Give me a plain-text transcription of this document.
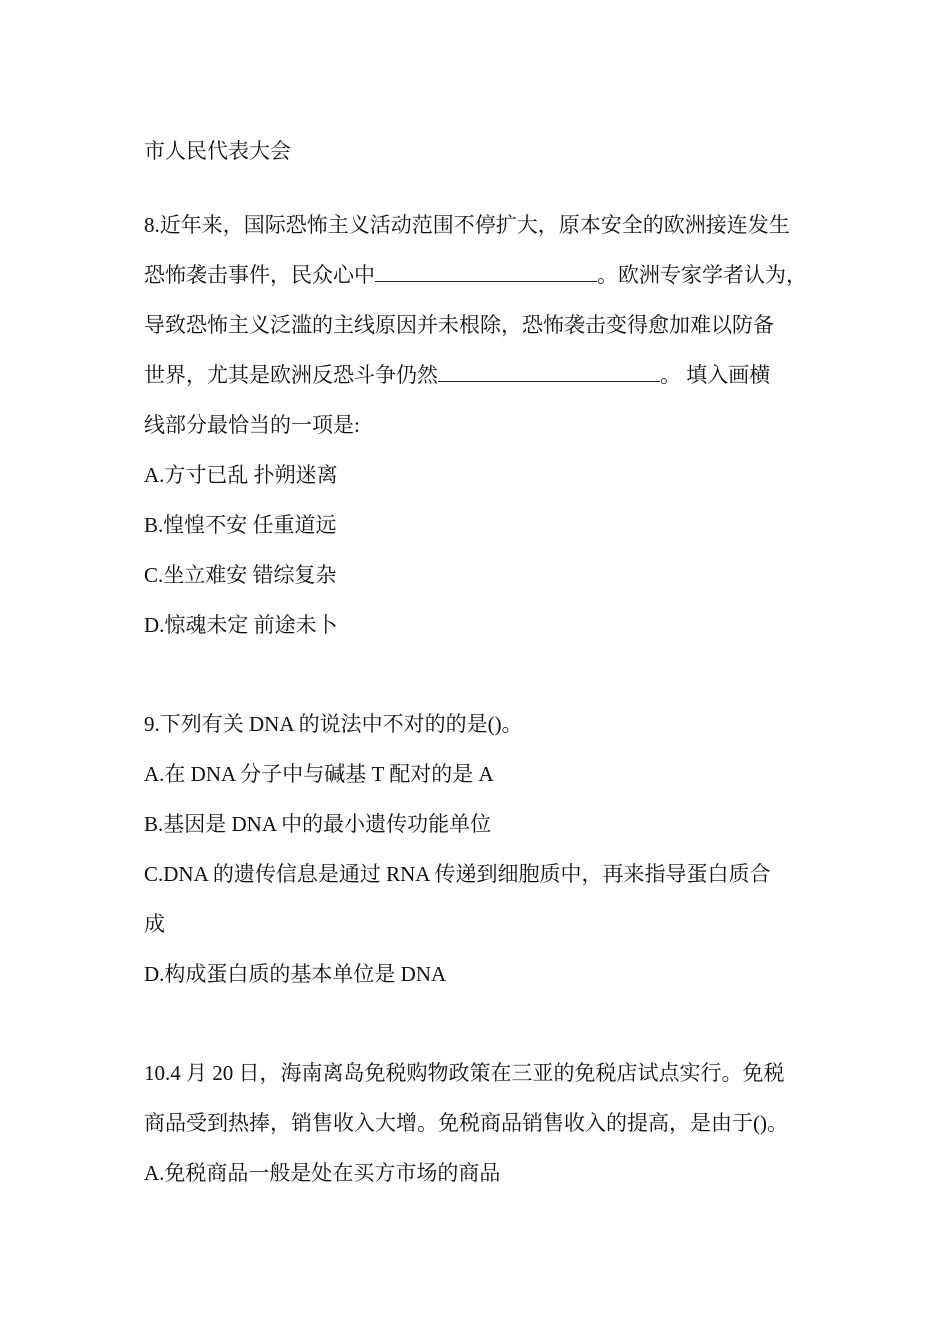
市人民代表大会
8.近年来，国际恐怖主义活动范围不停扩大，原本安全的欧洲接连发生
恐怖袭击事件，民众心中	。欧洲专家学者认为，
导致恐怖主义泛滥的主线原因并未根除，恐怖袭击变得愈加难以防备
世界，尤其是欧洲反恐斗争仍然	。 填入画横
线部分最恰当的一项是:
A.方寸已乱 扑朔迷离
B.惶惶不安 任重道远
C.坐立难安 错综复杂
D.惊魂未定 前途未卜
9.下列有关 DNA 的说法中不对的的是()。
A.在 DNA 分子中与碱基 T 配对的是 A
B.基因是 DNA 中的最小遗传功能单位
C.DNA 的遗传信息是通过 RNA 传递到细胞质中，再来指导蛋白质合
成
D.构成蛋白质的基本单位是 DNA
10.4 月 20 日，海南离岛免税购物政策在三亚的免税店试点实行。免税
商品受到热捧，销售收入大增。免税商品销售收入的提高，是由于()。
A.免税商品一般是处在买方市场的商品
